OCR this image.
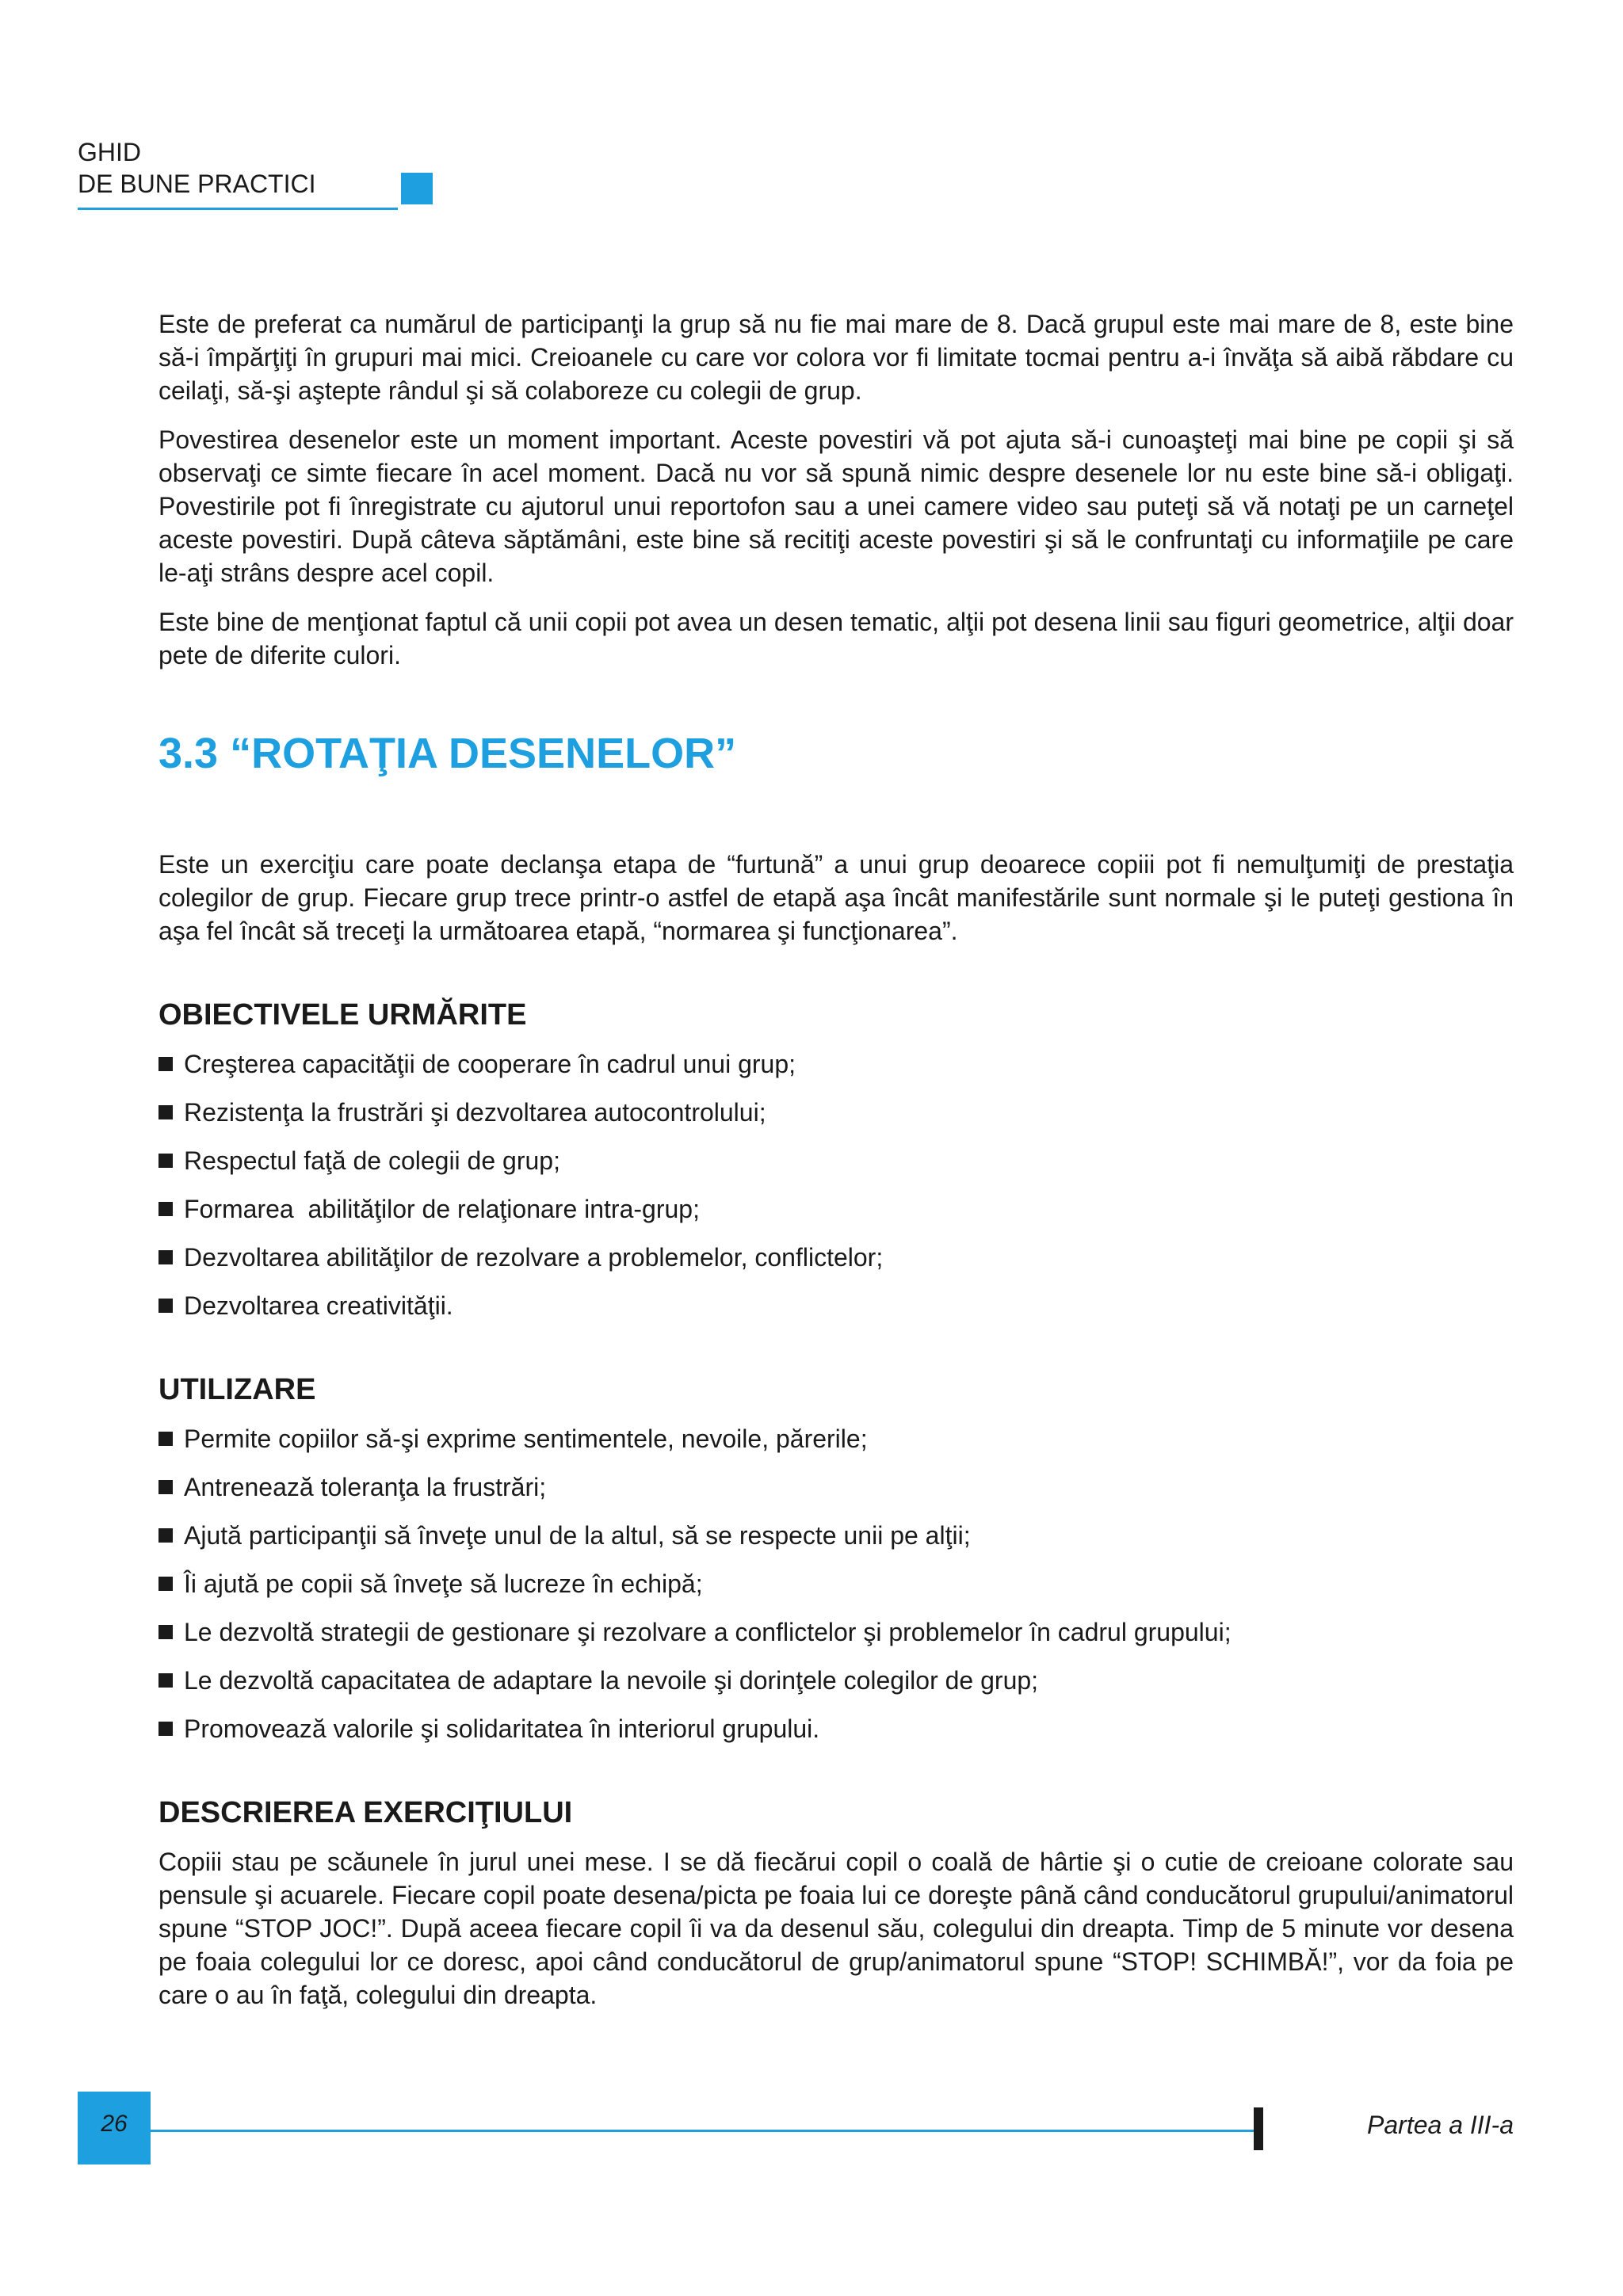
GHID
DE BUNE PRACTICI

Este de preferat ca numărul de participanţi la grup să nu fie mai mare de 8. Dacă grupul este mai mare de 8, este bine să-i împărţiţi în grupuri mai mici. Creioanele cu care vor colora vor fi limitate tocmai pentru a-i învăţa să aibă răbdare cu ceilaţi, să-şi aştepte rândul şi să colaboreze cu colegii de grup.

Povestirea desenelor este un moment important. Aceste povestiri vă pot ajuta să-i cunoaşteţi mai bine pe copii şi să observaţi ce simte fiecare în acel moment. Dacă nu vor să spună nimic despre desenele lor nu este bine să-i obligaţi. Povestirile pot fi înregistrate cu ajutorul unui reportofon sau a unei camere video sau puteţi să vă notaţi pe un carneţel aceste povestiri. După câteva săptămâni, este bine să recitiţi aceste povestiri şi să le confruntaţi cu informaţiile pe care le-aţi strâns despre acel copil.

Este bine de menţionat faptul că unii copii pot avea un desen tematic, alţii pot desena linii sau figuri geometrice, alţii doar pete de diferite culori.

3.3 “ROTAŢIA DESENELOR”

Este un exerciţiu care poate declanşa etapa de “furtună” a unui grup deoarece copiii pot fi nemulţumiţi de prestaţia colegilor de grup. Fiecare grup trece printr-o astfel de etapă aşa încât manifestările sunt normale şi le puteţi gestiona în aşa fel încât să treceţi la următoarea etapă, “normarea şi funcţionarea”.

OBIECTIVELE URMĂRITE
Creşterea capacităţii de cooperare în cadrul unui grup;
Rezistenţa la frustrări şi dezvoltarea autocontrolului;
Respectul faţă de colegii de grup;
Formarea  abilităţilor de relaţionare intra-grup;
Dezvoltarea abilităţilor de rezolvare a problemelor, conflictelor;
Dezvoltarea creativităţii.
UTILIZARE
Permite copiilor să-şi exprime sentimentele, nevoile, părerile;
Antrenează toleranţa la frustrări;
Ajută participanţii să înveţe unul de la altul, să se respecte unii pe alţii;
Îi ajută pe copii să înveţe să lucreze în echipă;
Le dezvoltă strategii de gestionare şi rezolvare a conflictelor şi problemelor în cadrul grupului;
Le dezvoltă capacitatea de adaptare la nevoile şi dorinţele colegilor de grup;
Promovează valorile şi solidaritatea în interiorul grupului.
DESCRIEREA EXERCIŢIULUI

Copiii stau pe scăunele în jurul unei mese. I se dă fiecărui copil o coală de hârtie şi o cutie de creioane colorate sau pensule şi acuarele. Fiecare copil poate desena/picta pe foaia lui ce doreşte până când conducătorul grupului/animatorul spune “STOP JOC!”. După aceea fiecare copil îi va da desenul său, colegului din dreapta. Timp de 5 minute vor desena pe foaia colegului lor ce doresc, apoi când conducătorul de grup/animatorul spune “STOP! SCHIMBĂ!”, vor da foia pe care o au în faţă, colegului din dreapta.

26	Partea a III-a
